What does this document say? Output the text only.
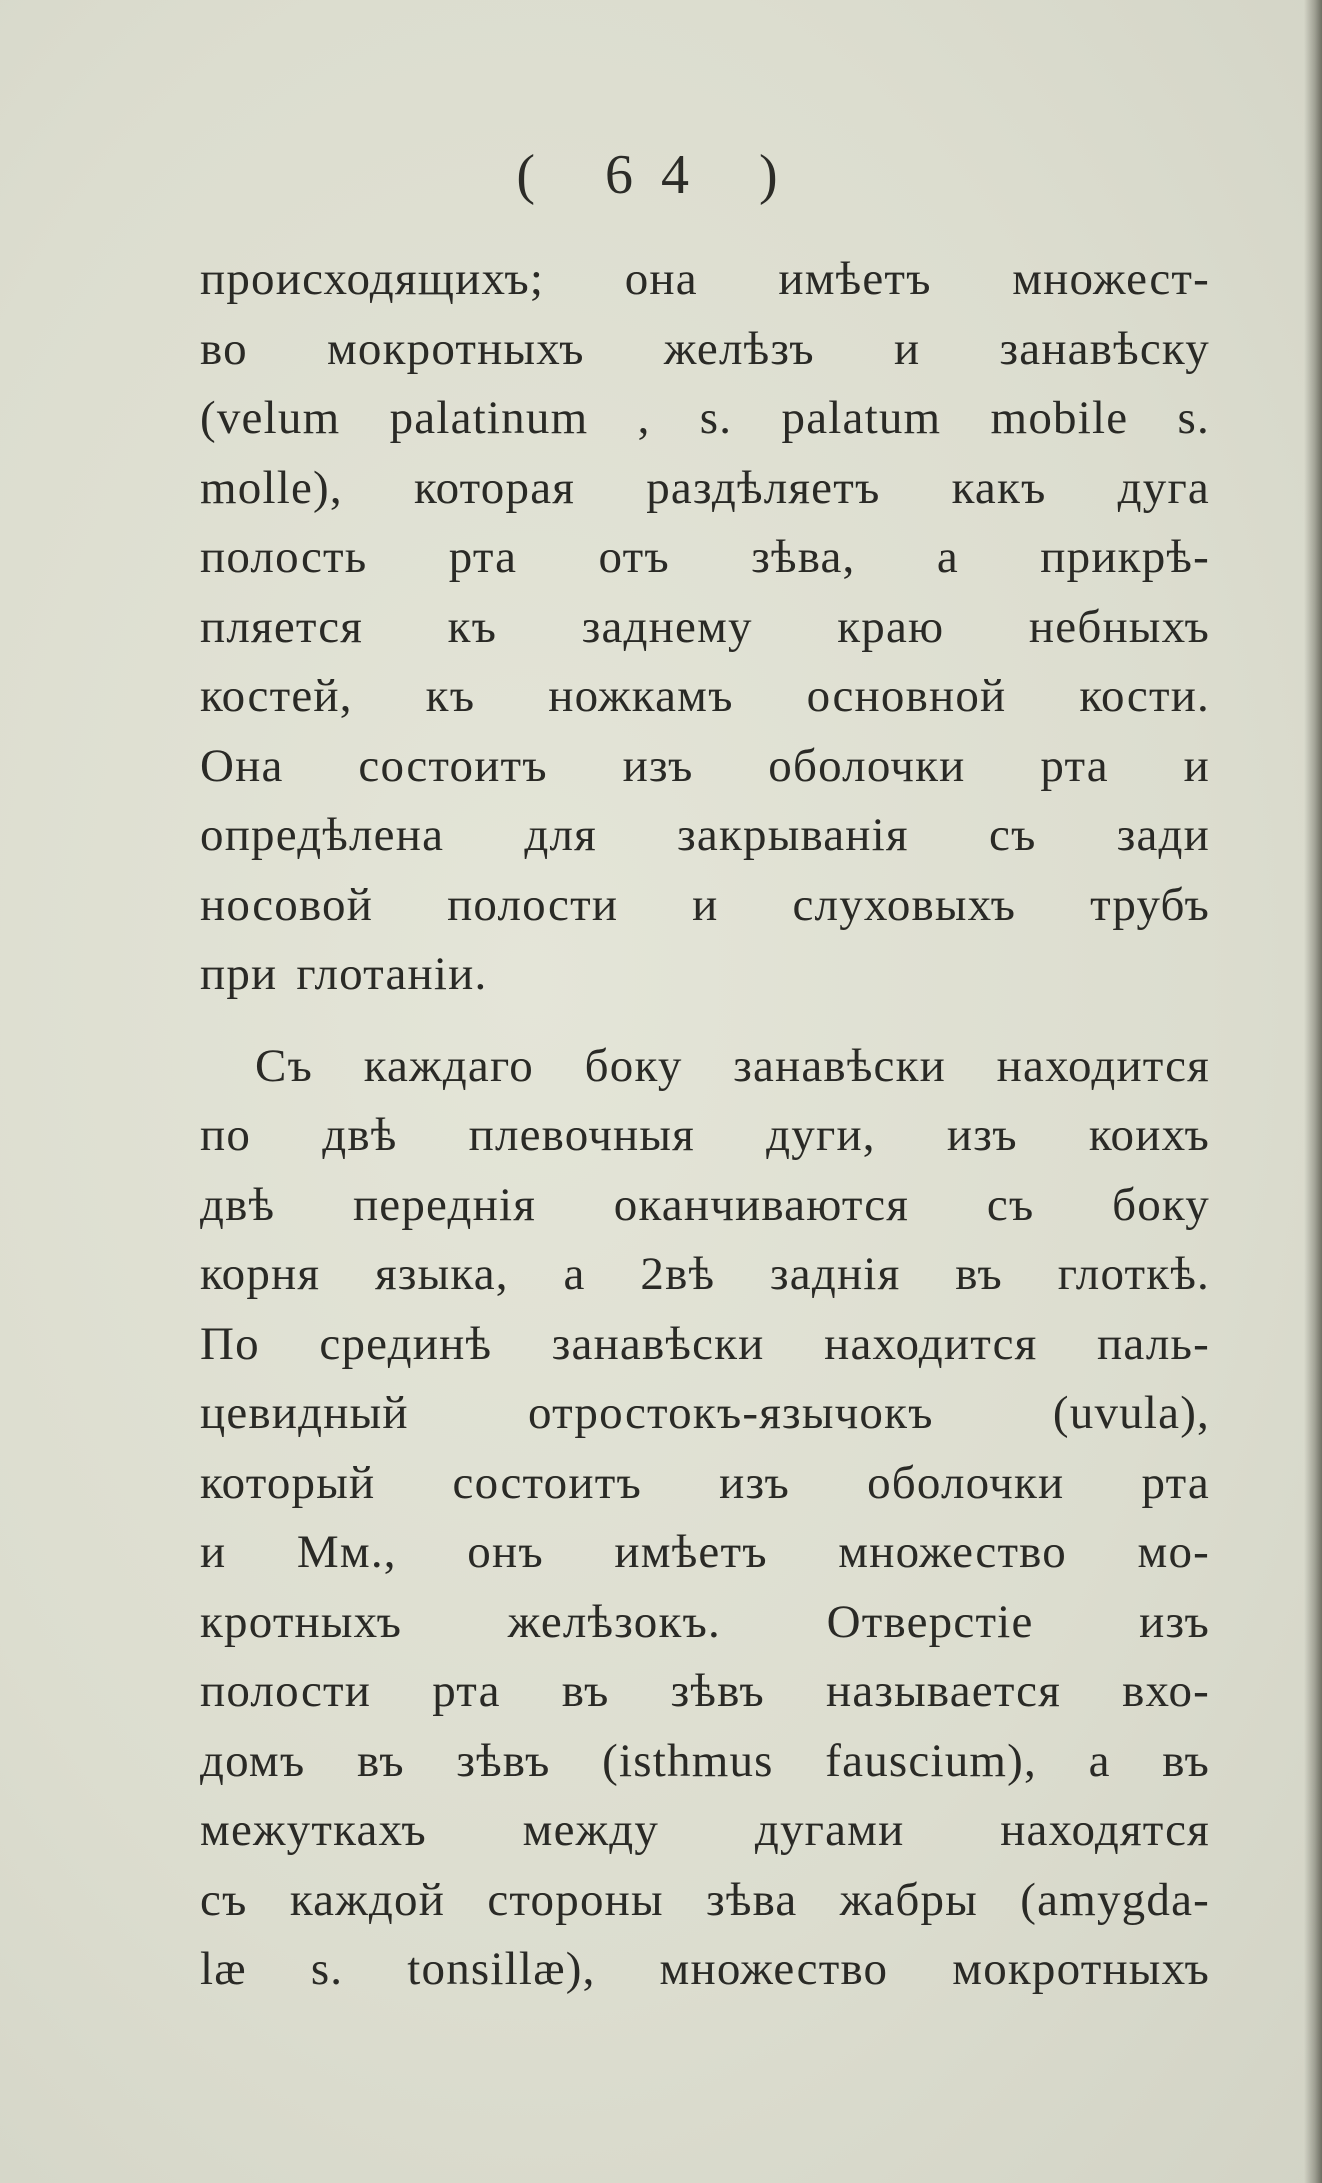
( 64 )
происходящихъ; она имѣетъ множест-
во мокротныхъ желѣзъ и занавѣску
(velum palatinum , s. palatum mobile s.
molle), которая раздѣляетъ какъ дуга
полость рта отъ зѣва, а прикрѣ-
пляется къ заднему краю небныхъ
костей, къ ножкамъ основной кости.
Она состоитъ изъ оболочки рта и
опредѣлена для закрыванія съ зади
носовой полости и слуховыхъ трубъ
при глотаніи.
Съ каждаго боку занавѣски находится
по двѣ плевочныя дуги, изъ коихъ
двѣ переднія оканчиваются съ боку
корня языка, а 2вѣ заднія въ глоткѣ.
По срединѣ занавѣски находится паль-
цевидный отростокъ-язычокъ (uvula),
который состоитъ изъ оболочки рта
и Мм., онъ имѣетъ множество мо-
кротныхъ желѣзокъ. Отверстіе изъ
полости рта въ зѣвъ называется вхо-
домъ въ зѣвъ (isthmus fauscium), а въ
межуткахъ между дугами находятся
съ каждой стороны зѣва жабры (amygda-
læ s. tonsillæ), множество мокротныхъ
